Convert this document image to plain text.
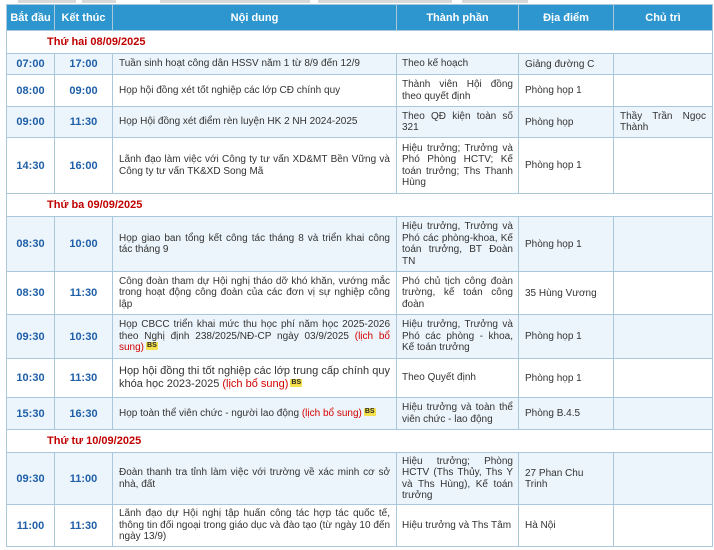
Bắt đầu	Kết thúc	Nội dung	Thành phần	Địa điểm	Chủ trì
Thứ hai 08/09/2025					
07:00	17:00	Tuần sinh hoạt công dân HSSV năm 1 từ 8/9 đến 12/9	Theo kế hoạch	Giảng đường C	
08:00	09:00	Họp hội đồng xét tốt nghiệp các lớp CĐ chính quy	Thành viên Hội đồng theo quyết định	Phòng họp 1	
09:00	11:30	Họp Hội đồng xét điểm rèn luyện HK 2 NH 2024-2025	Theo QĐ kiện toàn số 321	Phòng họp	Thầy Trần Ngọc Thành
14:30	16:00	Lãnh đạo làm việc với Công ty tư vấn XD&MT Bền Vững và Công ty tư vấn TK&XD Song Mã	Hiệu trưởng; Trưởng và Phó Phòng HCTV; Kế toán trưởng; Ths Thanh Hùng	Phòng họp 1	
Thứ ba 09/09/2025					
08:30	10:00	Họp giao ban tổng kết công tác tháng 8 và triển khai công tác tháng 9	Hiệu trưởng, Trưởng và Phó các phòng-khoa, Kế toán trưởng, BT Đoàn TN	Phòng họp 1	
08:30	11:30	Công đoàn tham dự Hội nghị tháo dỡ khó khăn, vướng mắc trong hoạt động công đoàn của các đơn vị sự nghiệp công lập	Phó chủ tịch công đoàn trường, kế toán công đoàn	35 Hùng Vương	
09:30	10:30	Họp CBCC triển khai mức thu học phí năm học 2025-2026 theo Nghị định 238/2025/NĐ-CP ngày 03/9/2025 (lịch bổ sung) BS	Hiệu trưởng, Trưởng và Phó các phòng - khoa, Kế toán trưởng	Phòng họp 1	
10:30	11:30	Họp hội đồng thi tốt nghiệp các lớp trung cấp chính quy khóa học 2023-2025 (lịch bổ sung) BS	Theo Quyết định	Phòng họp 1	
15:30	16:30	Họp toàn thể viên chức - người lao động (lịch bổ sung) BS	Hiệu trưởng và toàn thể viên chức - lao động	Phòng B.4.5	
Thứ tư 10/09/2025					
09:30	11:00	Đoàn thanh tra tỉnh làm việc với trường về xác minh cơ sở nhà, đất	Hiệu trưởng; Phòng HCTV (Ths Thủy, Ths Y và Ths Hùng), Kế toán trưởng	27 Phan Chu Trinh	
11:00	11:30	Lãnh đạo dự Hội nghị tập huấn công tác hợp tác quốc tế, thông tin đối ngoại trong giáo dục và đào tạo (từ ngày 10 đến ngày 13/9)	Hiệu trưởng và Ths Tâm	Hà Nội	
